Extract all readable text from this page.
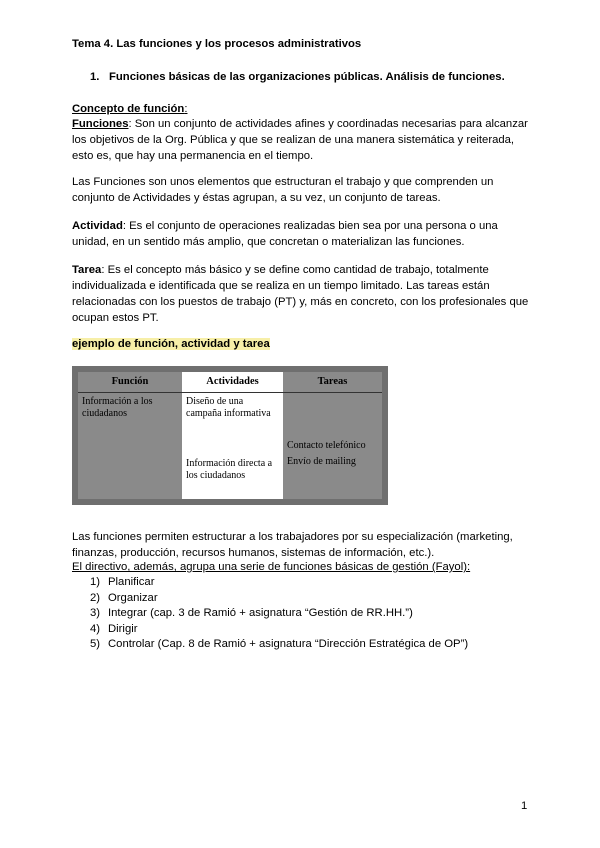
Tema 4. Las funciones y los procesos administrativos
1. Funciones básicas de las organizaciones públicas. Análisis de funciones.
Concepto de función:
Funciones: Son un conjunto de actividades afines y coordinadas necesarias para alcanzar los objetivos de la Org. Pública y que se realizan de una manera sistemática y reiterada, esto es, que hay una permanencia en el tiempo.
Las Funciones son unos elementos que estructuran el trabajo y que comprenden un conjunto de Actividades y éstas agrupan, a su vez, un conjunto de tareas.
Actividad: Es el conjunto de operaciones realizadas bien sea por una persona o una unidad, en un sentido más amplio, que concretan o materializan las funciones.
Tarea: Es el concepto más básico y se define como cantidad de trabajo, totalmente individualizada e identificada que se realiza en un tiempo limitado. Las tareas están relacionadas con los puestos de trabajo (PT) y, más en concreto, con los profesionales que ocupan estos PT.
ejemplo de función, actividad y tarea
Función	Actividades	Tareas
Información a los ciudadanos
Diseño de una campaña informativa
Información directa a los ciudadanos
Contacto telefónico
Envío de mailing
Las funciones permiten estructurar a los trabajadores por su especialización (marketing, finanzas, producción, recursos humanos, sistemas de información, etc.).
El directivo, además, agrupa una serie de funciones básicas de gestión (Fayol):
1) Planificar
2) Organizar
3) Integrar (cap. 3 de Ramió + asignatura “Gestión de RR.HH.”)
4) Dirigir
5) Controlar (Cap. 8 de Ramió + asignatura “Dirección Estratégica de OP”)
1
